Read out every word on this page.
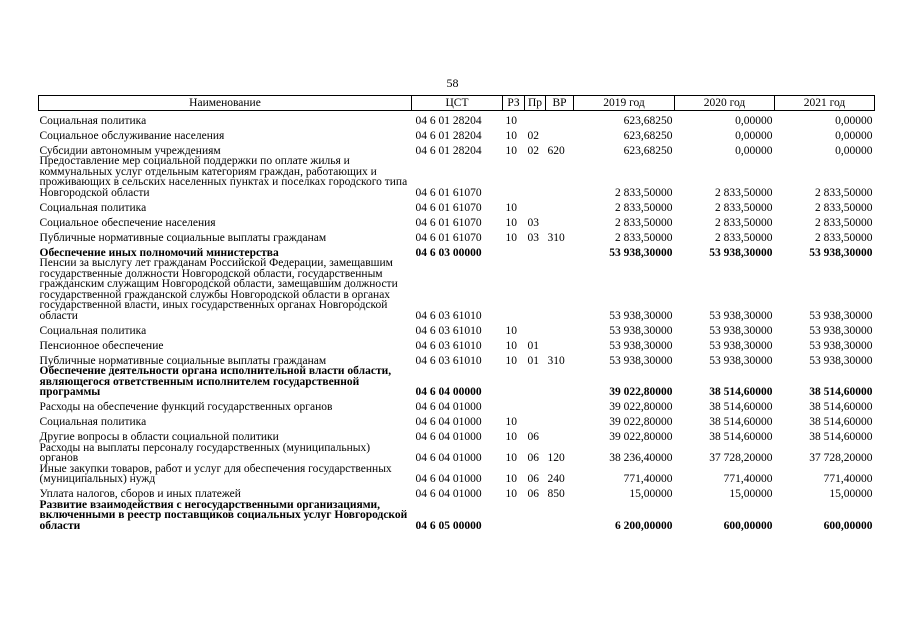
58
Наименование	ЦСТ	РЗ	Пр	ВР	2019 год	2020 год	2021 год
Социальная политика	04 6 01 28204	10			623,68250	0,00000	0,00000
Социальное обслуживание населения	04 6 01 28204	10	02		623,68250	0,00000	0,00000
Субсидии автономным учреждениям	04 6 01 28204	10	02	620	623,68250	0,00000	0,00000
Предоставление мер социальной поддержки по оплате жилья и коммунальных услуг отдельным категориям граждан, работающих и проживающих в сельских населенных пунктах и поселках городского типа Новгородской области	04 6 01 61070				2 833,50000	2 833,50000	2 833,50000
Социальная политика	04 6 01 61070	10			2 833,50000	2 833,50000	2 833,50000
Социальное обеспечение населения	04 6 01 61070	10	03		2 833,50000	2 833,50000	2 833,50000
Публичные нормативные социальные выплаты гражданам	04 6 01 61070	10	03	310	2 833,50000	2 833,50000	2 833,50000
Обеспечение иных полномочий министерства	04 6 03 00000				53 938,30000	53 938,30000	53 938,30000
Пенсии за выслугу лет гражданам Российской Федерации, замещавшим государственные должности Новгородской области, государственным гражданским служащим Новгородской области, замещавшим должности государственной гражданской службы Новгородской области в органах государственной власти, иных государственных органах Новгородской области	04 6 03 61010				53 938,30000	53 938,30000	53 938,30000
Социальная политика	04 6 03 61010	10			53 938,30000	53 938,30000	53 938,30000
Пенсионное обеспечение	04 6 03 61010	10	01		53 938,30000	53 938,30000	53 938,30000
Публичные нормативные социальные выплаты гражданам	04 6 03 61010	10	01	310	53 938,30000	53 938,30000	53 938,30000
Обеспечение деятельности органа исполнительной власти области, являющегося ответственным исполнителем государственной программы	04 6 04 00000				39 022,80000	38 514,60000	38 514,60000
Расходы на обеспечение функций государственных органов	04 6 04 01000				39 022,80000	38 514,60000	38 514,60000
Социальная политика	04 6 04 01000	10			39 022,80000	38 514,60000	38 514,60000
Другие вопросы в области социальной политики	04 6 04 01000	10	06		39 022,80000	38 514,60000	38 514,60000
Расходы на выплаты персоналу государственных (муниципальных) органов	04 6 04 01000	10	06	120	38 236,40000	37 728,20000	37 728,20000
Иные закупки товаров, работ и услуг для обеспечения государственных (муниципальных) нужд	04 6 04 01000	10	06	240	771,40000	771,40000	771,40000
Уплата налогов, сборов и иных платежей	04 6 04 01000	10	06	850	15,00000	15,00000	15,00000
Развитие взаимодействия с негосударственными организациями, включенными в реестр поставщиков социальных услуг Новгородской области	04 6 05 00000				6 200,00000	600,00000	600,00000
